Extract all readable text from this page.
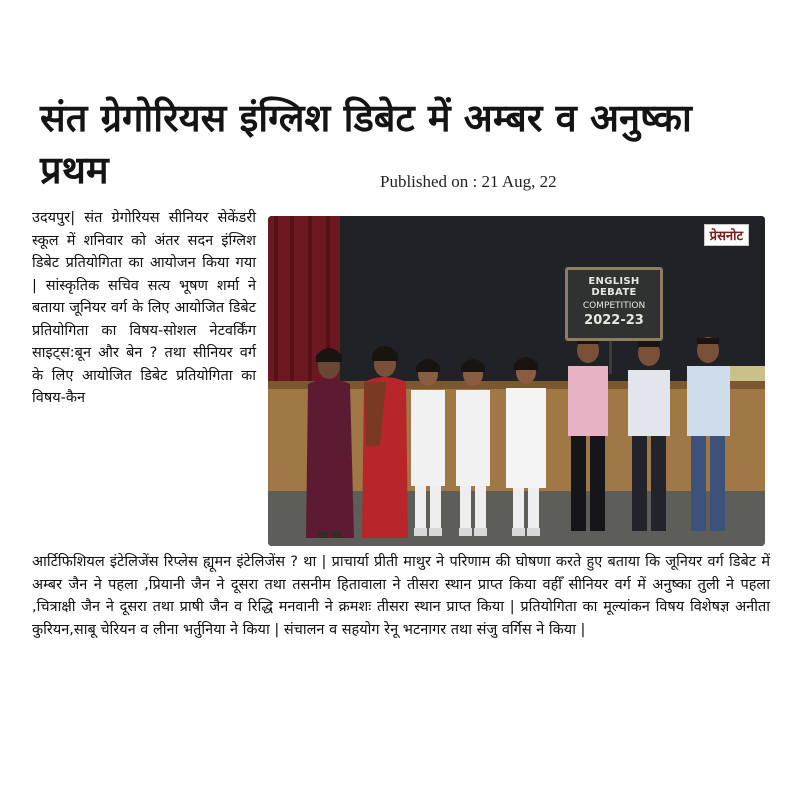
संत ग्रेगोरियस इंग्लिश डिबेट में अम्बर व अनुष्का प्रथम	Published on : 21 Aug, 22
ENGLISH DEBATE
COMPETITION
2022-23
प्रेसनोट

उदयपुर| संत ग्रेगोरियस सीनियर सेकेंडरी स्कूल में शनिवार को अंतर सदन इंग्लिश डिबेट प्रतियोगिता का आयोजन किया गया | सांस्कृतिक सचिव सत्य भूषण शर्मा ने बताया जूनियर वर्ग के लिए आयोजित डिबेट प्रतियोगिता का विषय-सोशल नेटवर्किंग साइट्स:बून और बेन ? तथा सीनियर वर्ग के लिए आयोजित डिबेट प्रतियोगिता का विषय-कैन

आर्टिफिशियल इंटेलिजेंस रिप्लेस ह्यूमन इंटेलिजेंस ? था | प्राचार्या प्रीती माथुर ने परिणाम की घोषणा करते हुए बताया कि जूनियर वर्ग डिबेट में अम्बर जैन ने पहला ,प्रियानी जैन ने दूसरा तथा तसनीम हितावाला ने तीसरा स्थान प्राप्त किया वहीँ सीनियर वर्ग में अनुष्का तुली ने पहला ,चित्राक्षी जैन ने दूसरा तथा प्राषी जैन व रिद्धि मनवानी ने क्रमशः तीसरा स्थान प्राप्त किया | प्रतियोगिता का मूल्यांकन विषय विशेषज्ञ अनीता कुरियन,साबू चेरियन व लीना भर्तुनिया ने किया | संचालन व सहयोग रेनू भटनागर तथा संजु वर्गिस ने किया |
